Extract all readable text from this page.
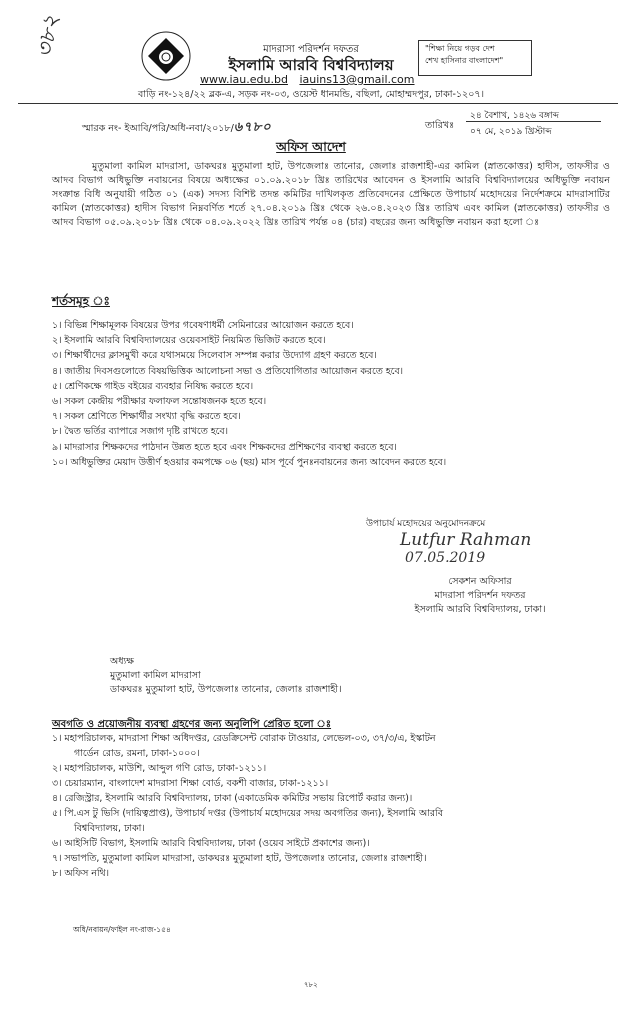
৩৮২	মাদরাসা পরিদর্শন দফতর
ইসলামি আরবি বিশ্ববিদ্যালয়
www.iau.edu.bd iauins13@gmail.com
"শিক্ষা নিয়ে গড়ব দেশ
শেখ হাসিনার বাংলাদেশ"
বাড়ি নং-১২৪/২২ ব্লক-এ, সড়ক নং-০৩, ওয়েস্ট ধানমন্ডি, বছিলা, মোহাম্মদপুর, ঢাকা-১২০৭।
স্মারক নং- ইআবি/পরি/অধি-নবা/২০১৮/৬৭৮০	তারিখঃ
২৪ বৈশাখ, ১৪২৬ বঙ্গাব্দ
০৭ মে, ২০১৯ খ্রিস্টাব্দ
অফিস আদেশ
মুতুমালা কামিল মাদরাসা, ডাকঘরঃ মুতুমালা হাট, উপজেলাঃ তানোর, জেলাঃ রাজশাহী-এর কামিল (স্নাতকোত্তর) হাদীস, তাফসীর ও আদব বিভাগ অধিভুক্তি নবায়নের বিষয়ে অধ্যক্ষের ০১.০৯.২০১৮ খ্রিঃ তারিখের আবেদন ও ইসলামি আরবি বিশ্ববিদ্যালয়ের অধিভুক্তি নবায়ন সংক্রান্ত বিধি অনুযায়ী গঠিত ০১ (এক) সদস্য বিশিষ্ট তদন্ত কমিটির দাখিলকৃত প্রতিবেদনের প্রেক্ষিতে উপাচার্য মহোদয়ের নির্দেশক্রমে মাদরাসাটির কামিল (স্নাতকোত্তর) হাদীস বিভাগ নিম্নবর্ণিত শর্তে ২৭.০৪.২০১৯ খ্রিঃ থেকে ২৬.০৪.২০২৩ খ্রিঃ তারিখ এবং কামিল (স্নাতকোত্তর) তাফসীর ও আদব বিভাগ ০৫.০৯.২০১৮ খ্রিঃ থেকে ০৪.০৯.২০২২ খ্রিঃ তারিখ পর্যন্ত ০৪ (চার) বছরের জন্য অধিভুক্তি নবায়ন করা হলো ঃ
শর্তসমূহ ঃ
১। বিভিন্ন শিক্ষামূলক বিষয়ের উপর গবেষণাধর্মী সেমিনারের আয়োজন করতে হবে।
২। ইসলামি আরবি বিশ্ববিদ্যালয়ের ওয়েবসাইট নিয়মিত ভিজিট করতে হবে।
৩। শিক্ষার্থীদের ক্লাসমুখী করে যথাসময়ে সিলেবাস সম্পন্ন করার উদ্যোগ গ্রহণ করতে হবে।
৪। জাতীয় দিবসগুলোতে বিষয়ভিত্তিক আলোচনা সভা ও প্রতিযোগিতার আয়োজন করতে হবে।
৫। শ্রেণিকক্ষে গাইড বইয়ের ব্যবহার নিষিদ্ধ করতে হবে।
৬। সকল কেন্দ্রীয় পরীক্ষার ফলাফল সন্তোষজনক হতে হবে।
৭। সকল শ্রেণিতে শিক্ষার্থীর সংখ্যা বৃদ্ধি করতে হবে।
৮। দ্বৈত ভর্তির ব্যাপারে সজাগ দৃষ্টি রাখতে হবে।
৯। মাদরাসার শিক্ষকদের পাঠদান উন্নত হতে হবে এবং শিক্ষকদের প্রশিক্ষণের ব্যবস্থা করতে হবে।
১০। অধিভুক্তির মেয়াদ উত্তীর্ণ হওয়ার কমপক্ষে ০৬ (ছয়) মাস পূর্বে পুনঃনবায়নের জন্য আবেদন করতে হবে।
উপাচার্য মহোদয়ের অনুমোদনক্রমে
Lutfur Rahman
07.05.2019
সেকশন অফিসার
মাদরাসা পরিদর্শন দফতর
ইসলামি আরবি বিশ্ববিদ্যালয়, ঢাকা।
অধ্যক্ষ
মুতুমালা কামিল মাদরাসা
ডাকঘরঃ মুতুমালা হাট, উপজেলাঃ তানোর, জেলাঃ রাজশাহী।
অবগতি ও প্রয়োজনীয় ব্যবস্থা গ্রহণের জন্য অনুলিপি প্রেরিত হলো ঃ
১। মহাপরিচালক, মাদরাসা শিক্ষা অধিদপ্তর, রেডক্রিসেন্ট বোরাক টাওয়ার, লেভেল-০৩, ৩৭/৩/এ, ইস্কাটন
গার্ডেন রোড, রমনা, ঢাকা-১০০০।
২। মহাপরিচালক, মাউশি, আব্দুল গণি রোড, ঢাকা-১২১১।
৩। চেয়ারম্যান, বাংলাদেশ মাদরাসা শিক্ষা বোর্ড, বকশী বাজার, ঢাকা-১২১১।
৪। রেজিস্ট্রার, ইসলামি আরবি বিশ্ববিদ্যালয়, ঢাকা (একাডেমিক কমিটির সভায় রিপোর্ট করার জন্য)।
৫। পি.এস টু ভিসি (দায়িত্বপ্রাপ্ত), উপাচার্য দপ্তর (উপাচার্য মহোদয়ের সদয় অবগতির জন্য), ইসলামি আরবি
বিশ্ববিদ্যালয়, ঢাকা।
৬। আইসিটি বিভাগ, ইসলামি আরবি বিশ্ববিদ্যালয়, ঢাকা (ওয়েব সাইটে প্রকাশের জন্য)।
৭। সভাপতি, মুতুমালা কামিল মাদরাসা, ডাকঘরঃ মুতুমালা হাট, উপজেলাঃ তানোর, জেলাঃ রাজশাহী।
৮। অফিস নথি।
অধি/নবায়ন/ফাইল নং-রাজ-১৫৪
৭৮২
